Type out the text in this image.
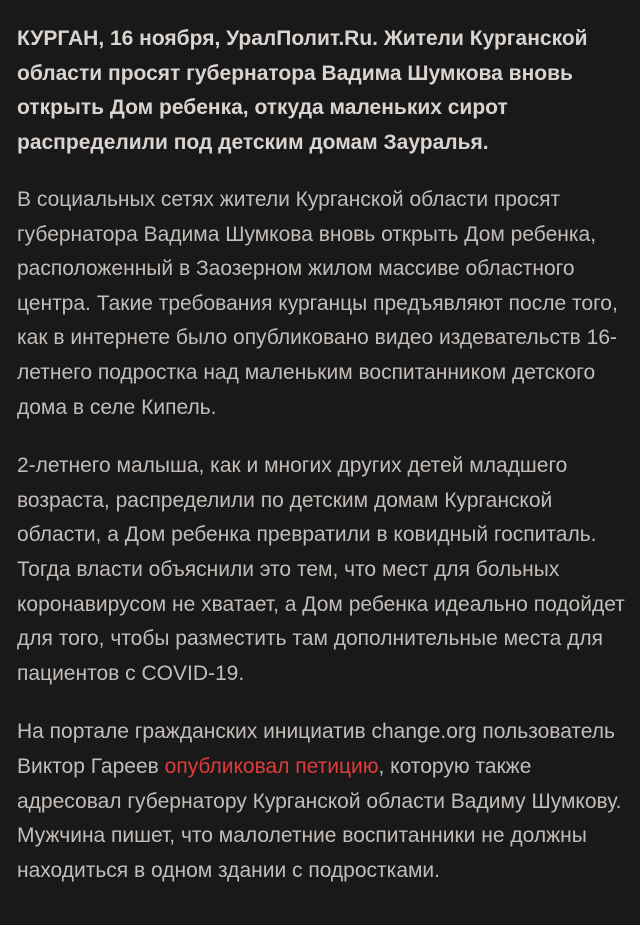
КУРГАН, 16 ноября, УралПолит.Ru. Жители Курганской области просят губернатора Вадима Шумкова вновь открыть Дом ребенка, откуда маленьких сирот распределили под детским домам Зауралья.

В социальных сетях жители Курганской области просят губернатора Вадима Шумкова вновь открыть Дом ребенка, расположенный в Заозерном жилом массиве областного центра. Такие требования курганцы предъявляют после того, как в интернете было опубликовано видео издевательств 16-летнего подростка над маленьким воспитанником детского дома в селе Кипель.

2-летнего малыша, как и многих других детей младшего возраста, распределили по детским домам Курганской области, а Дом ребенка превратили в ковидный госпиталь. Тогда власти объяснили это тем, что мест для больных коронавирусом не хватает, а Дом ребенка идеально подойдет для того, чтобы разместить там дополнительные места для пациентов с COVID-19.

На портале гражданских инициатив change.org пользователь Виктор Гареев опубликовал петицию, которую также адресовал губернатору Курганской области Вадиму Шумкову. Мужчина пишет, что малолетние воспитанники не должны находиться в одном здании с подростками.
